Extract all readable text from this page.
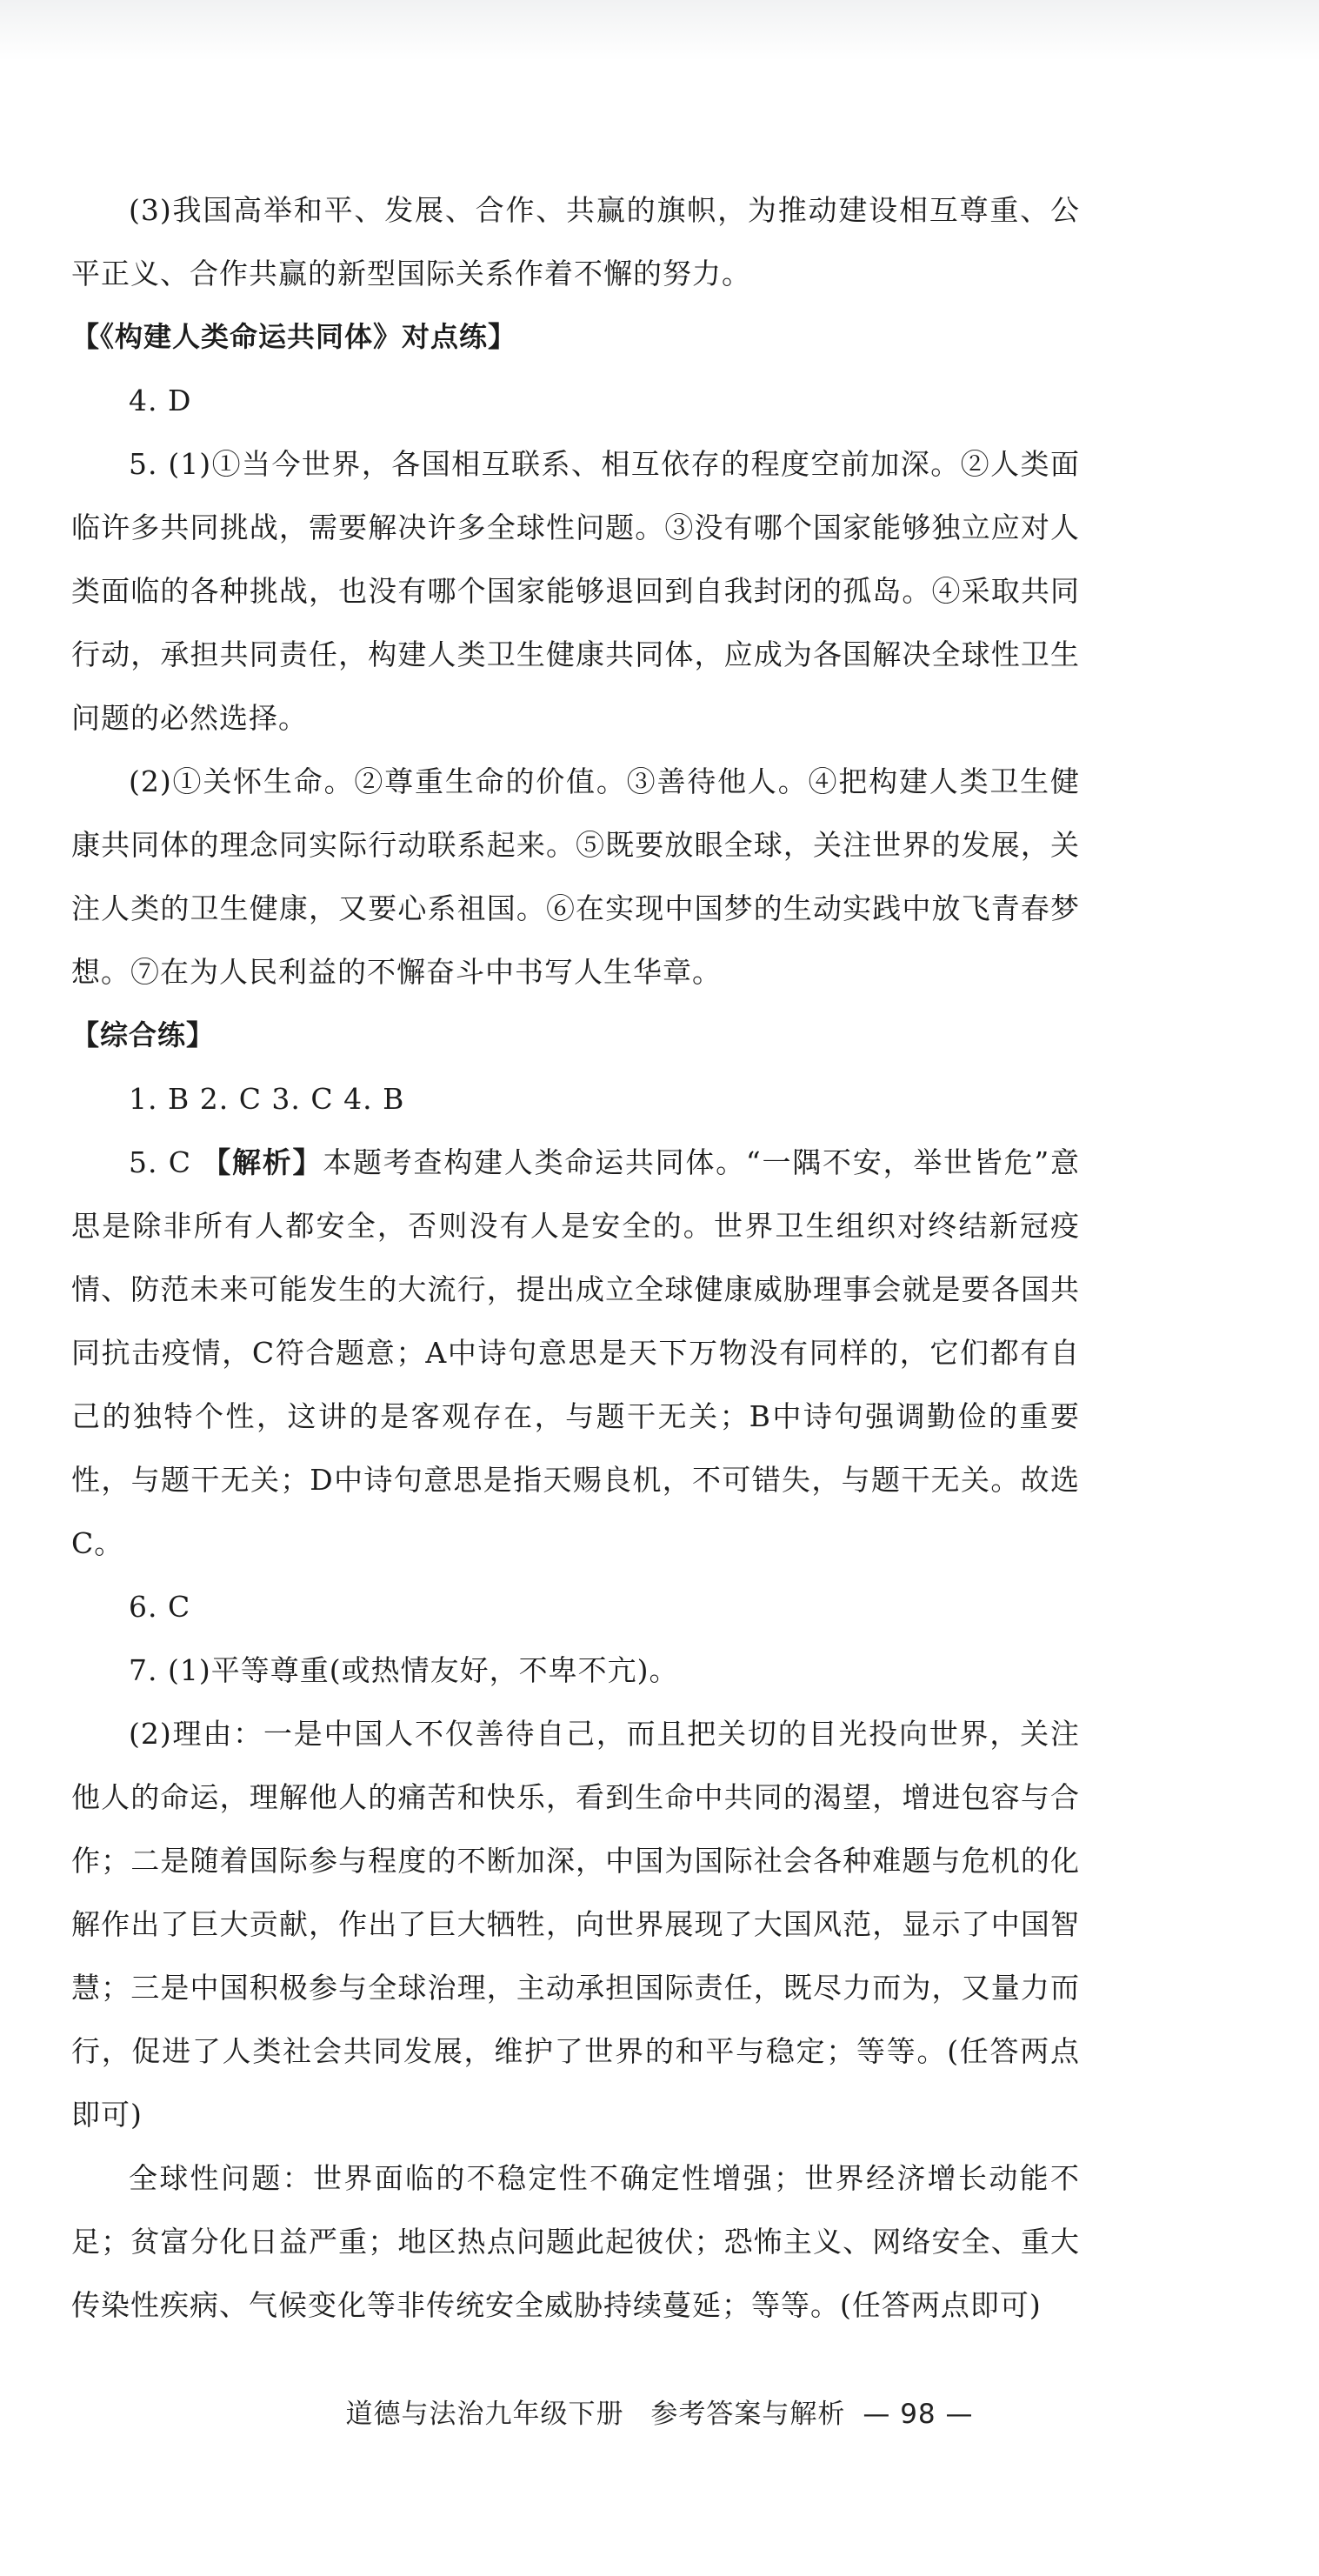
(3)我国高举和平、发展、合作、共赢的旗帜，为推动建设相互尊重、公平正义、合作共赢的新型国际关系作着不懈的努力。

【《构建人类命运共同体》对点练】

4. D

5. (1)①当今世界，各国相互联系、相互依存的程度空前加深。②人类面临许多共同挑战，需要解决许多全球性问题。③没有哪个国家能够独立应对人类面临的各种挑战，也没有哪个国家能够退回到自我封闭的孤岛。④采取共同行动，承担共同责任，构建人类卫生健康共同体，应成为各国解决全球性卫生问题的必然选择。

(2)①关怀生命。②尊重生命的价值。③善待他人。④把构建人类卫生健康共同体的理念同实际行动联系起来。⑤既要放眼全球，关注世界的发展，关注人类的卫生健康，又要心系祖国。⑥在实现中国梦的生动实践中放飞青春梦想。⑦在为人民利益的不懈奋斗中书写人生华章。

【综合练】

1. B 2. C 3. C 4. B

5. C 【解析】本题考查构建人类命运共同体。“一隅不安，举世皆危”意思是除非所有人都安全，否则没有人是安全的。世界卫生组织对终结新冠疫情、防范未来可能发生的大流行，提出成立全球健康威胁理事会就是要各国共同抗击疫情，C符合题意；A中诗句意思是天下万物没有同样的，它们都有自己的独特个性，这讲的是客观存在，与题干无关；B中诗句强调勤俭的重要性，与题干无关；D中诗句意思是指天赐良机，不可错失，与题干无关。故选C。

6. C

7. (1)平等尊重(或热情友好，不卑不亢)。

(2)理由：一是中国人不仅善待自己，而且把关切的目光投向世界，关注他人的命运，理解他人的痛苦和快乐，看到生命中共同的渴望，增进包容与合作；二是随着国际参与程度的不断加深，中国为国际社会各种难题与危机的化解作出了巨大贡献，作出了巨大牺牲，向世界展现了大国风范，显示了中国智慧；三是中国积极参与全球治理，主动承担国际责任，既尽力而为，又量力而行，促进了人类社会共同发展，维护了世界的和平与稳定；等等。(任答两点即可)

全球性问题：世界面临的不稳定性不确定性增强；世界经济增长动能不足；贫富分化日益严重；地区热点问题此起彼伏；恐怖主义、网络安全、重大传染性疾病、气候变化等非传统安全威胁持续蔓延；等等。(任答两点即可)

道德与法治九年级下册 参考答案与解析 — 98 —
